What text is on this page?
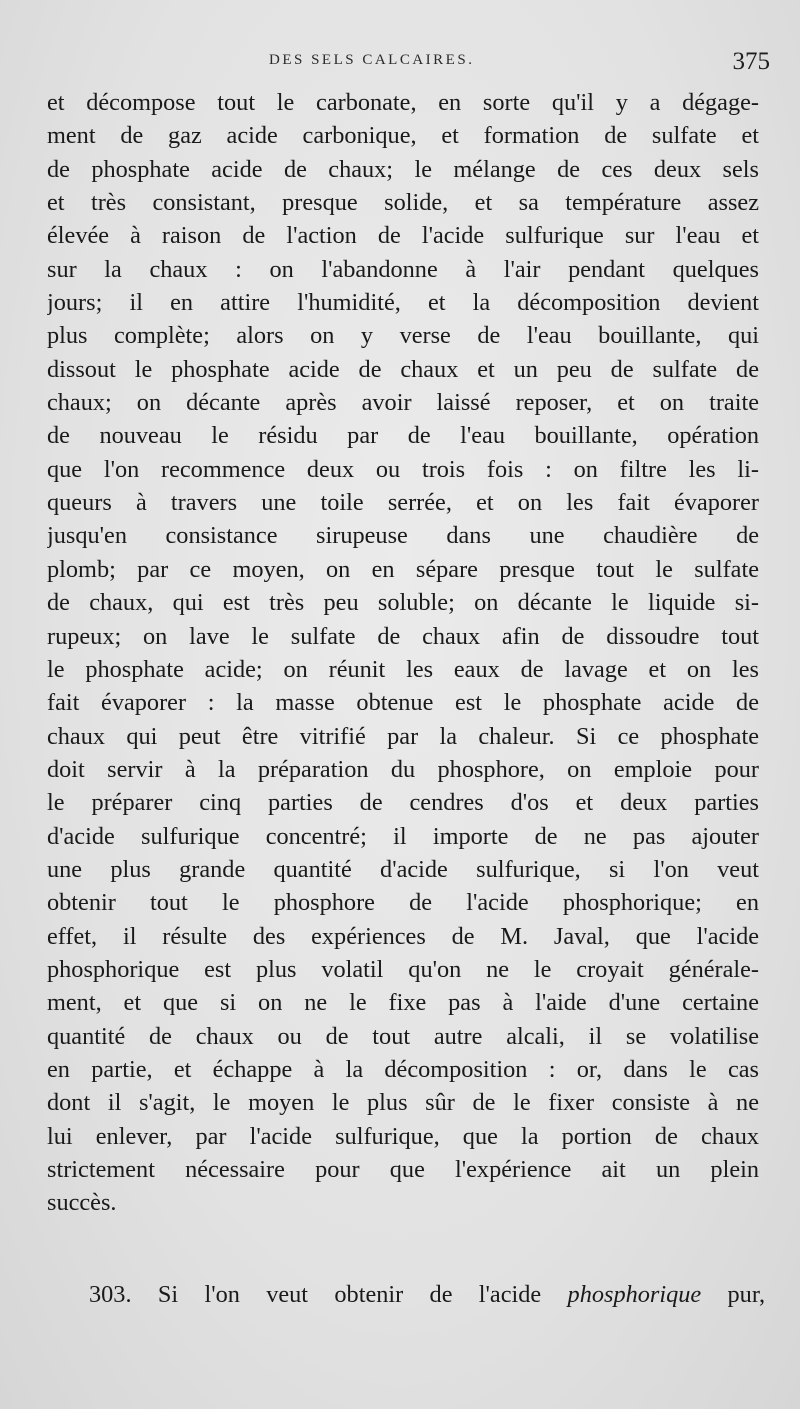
DES SELS CALCAIRES.	375
et décompose tout le carbonate, en sorte qu'il y a dégage-
ment de gaz acide carbonique, et formation de sulfate et
de phosphate acide de chaux; le mélange de ces deux sels
et très consistant, presque solide, et sa température assez
élevée à raison de l'action de l'acide sulfurique sur l'eau et
sur la chaux : on l'abandonne à l'air pendant quelques
jours; il en attire l'humidité, et la décomposition devient
plus complète; alors on y verse de l'eau bouillante, qui
dissout le phosphate acide de chaux et un peu de sulfate de
chaux; on décante après avoir laissé reposer, et on traite
de nouveau le résidu par de l'eau bouillante, opération
que l'on recommence deux ou trois fois : on filtre les li-
queurs à travers une toile serrée, et on les fait évaporer
jusqu'en consistance sirupeuse dans une chaudière de
plomb; par ce moyen, on en sépare presque tout le sulfate
de chaux, qui est très peu soluble; on décante le liquide si-
rupeux; on lave le sulfate de chaux afin de dissoudre tout
le phosphate acide; on réunit les eaux de lavage et on les
fait évaporer : la masse obtenue est le phosphate acide de
chaux qui peut être vitrifié par la chaleur. Si ce phosphate
doit servir à la préparation du phosphore, on emploie pour
le préparer cinq parties de cendres d'os et deux parties
d'acide sulfurique concentré; il importe de ne pas ajouter
une plus grande quantité d'acide sulfurique, si l'on veut
obtenir tout le phosphore de l'acide phosphorique; en
effet, il résulte des expériences de M. Javal, que l'acide
phosphorique est plus volatil qu'on ne le croyait générale-
ment, et que si on ne le fixe pas à l'aide d'une certaine
quantité de chaux ou de tout autre alcali, il se volatilise
en partie, et échappe à la décomposition : or, dans le cas
dont il s'agit, le moyen le plus sûr de le fixer consiste à ne
lui enlever, par l'acide sulfurique, que la portion de chaux
strictement nécessaire pour que l'expérience ait un plein
succès.
303. Si l'on veut obtenir de l'acide phosphorique pur,
